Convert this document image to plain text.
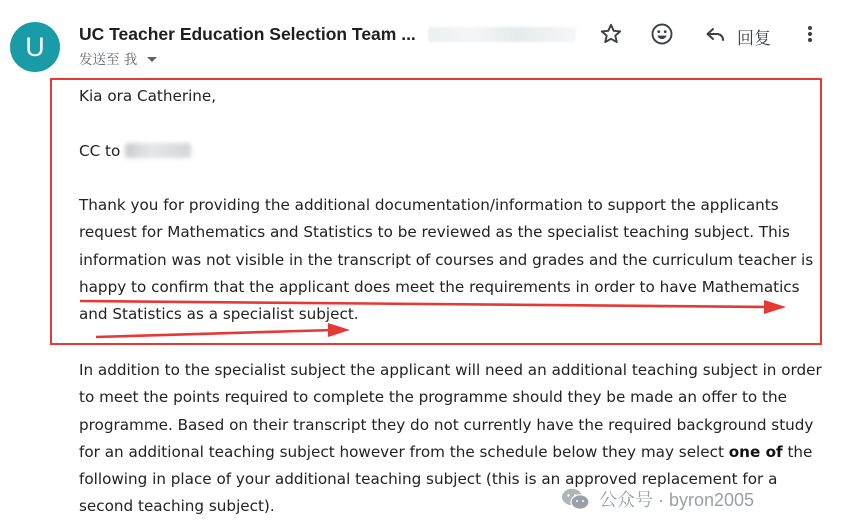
U	UC Teacher Education Selection Team ...
发送至 我
回复

Kia ora Catherine,

CC to

Thank you for providing the additional documentation/information to support the applicants request for Mathematics and Statistics to be reviewed as the specialist teaching subject. This information was not visible in the transcript of courses and grades and the curriculum teacher is happy to confirm that the applicant does meet the requirements in order to have Mathematics and Statistics as a specialist subject.

In addition to the specialist subject the applicant will need an additional teaching subject in order to meet the points required to complete the programme should they be made an offer to the programme. Based on their transcript they do not currently have the required background study for an additional teaching subject however from the schedule below they may select one of the following in place of your additional teaching subject (this is an approved replacement for a second teaching subject).	公众号 · byron2005
